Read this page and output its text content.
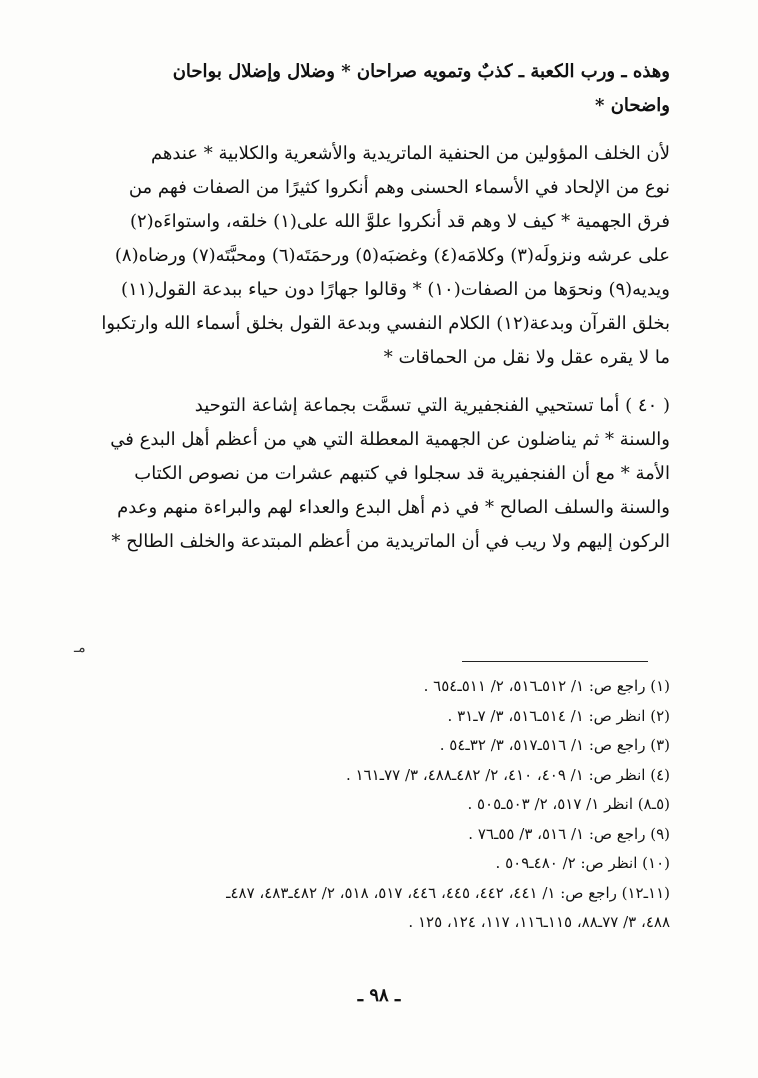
وهذه ـ ورب الكعبة ـ كذبٌ وتمويه صراحان * وضلال وإضلال بواحان
واضحان *
لأن الخلف المؤولين من الحنفية الماتريدية والأشعرية والكلابية * عندهم
نوع من الإلحاد في الأسماء الحسنى وهم أنكروا كثيرًا من الصفات فهم من
فرق الجهمية * كيف لا وهم قد أنكروا علوَّ الله على(١) خلقه، واستواءَه(٢)
على عرشه ونزولَه(٣) وكلامَه(٤) وغضبَه(٥) ورحمَتَه(٦) ومحبَّتَه(٧) ورضاه(٨)
ويديه(٩) ونحوَها من الصفات(١٠) * وقالوا جهارًا دون حياء ببدعة القول(١١)
بخلق القرآن وبدعة(١٢) الكلام النفسي وبدعة القول بخلق أسماء الله وارتكبوا
ما لا يقره عقل ولا نقل من الحماقات *
( ٤٠ ) أما تستحيي الفنجفيرية التي تسمَّت بجماعة إشاعة التوحيد
والسنة * ثم يناضلون عن الجهمية المعطلة التي هي من أعظم أهل البدع في
الأمة * مع أن الفنجفيرية قد سجلوا في كتبهم عشرات من نصوص الكتاب
والسنة والسلف الصالح * في ذم أهل البدع والعداء لهم والبراءة منهم وعدم
الركون إليهم ولا ريب في أن الماتريدية من أعظم المبتدعة والخلف الطالح *
مـ
(١) راجع ص: ١/ ٥١٢ـ٥١٦، ٢/ ٥١١ـ٦٥٤ .
(٢) انظر ص: ١/ ٥١٤ـ٥١٦، ٣/ ٧ـ٣١ .
(٣) راجع ص: ١/ ٥١٦ـ٥١٧، ٣/ ٣٢ـ٥٤ .
(٤) انظر ص: ١/ ٤٠٩، ٤١٠، ٢/ ٤٨٢ـ٤٨٨، ٣/ ٧٧ـ١٦١ .
(٥ـ٨) انظر ١/ ٥١٧، ٢/ ٥٠٣ـ٥٠٥ .
(٩) راجع ص: ١/ ٥١٦، ٣/ ٥٥ـ٧٦ .
(١٠) انظر ص: ٢/ ٤٨٠ـ٥٠٩ .
(١١ـ١٢) راجع ص: ١/ ٤٤١، ٤٤٢، ٤٤٥، ٤٤٦، ٥١٧، ٥١٨، ٢/ ٤٨٢ـ٤٨٣، ٤٨٧ـ
٤٨٨، ٣/ ٧٧ـ٨٨، ١١٥ـ١١٦، ١١٧، ١٢٤، ١٢٥ .
ـ ٩٨ ـ
